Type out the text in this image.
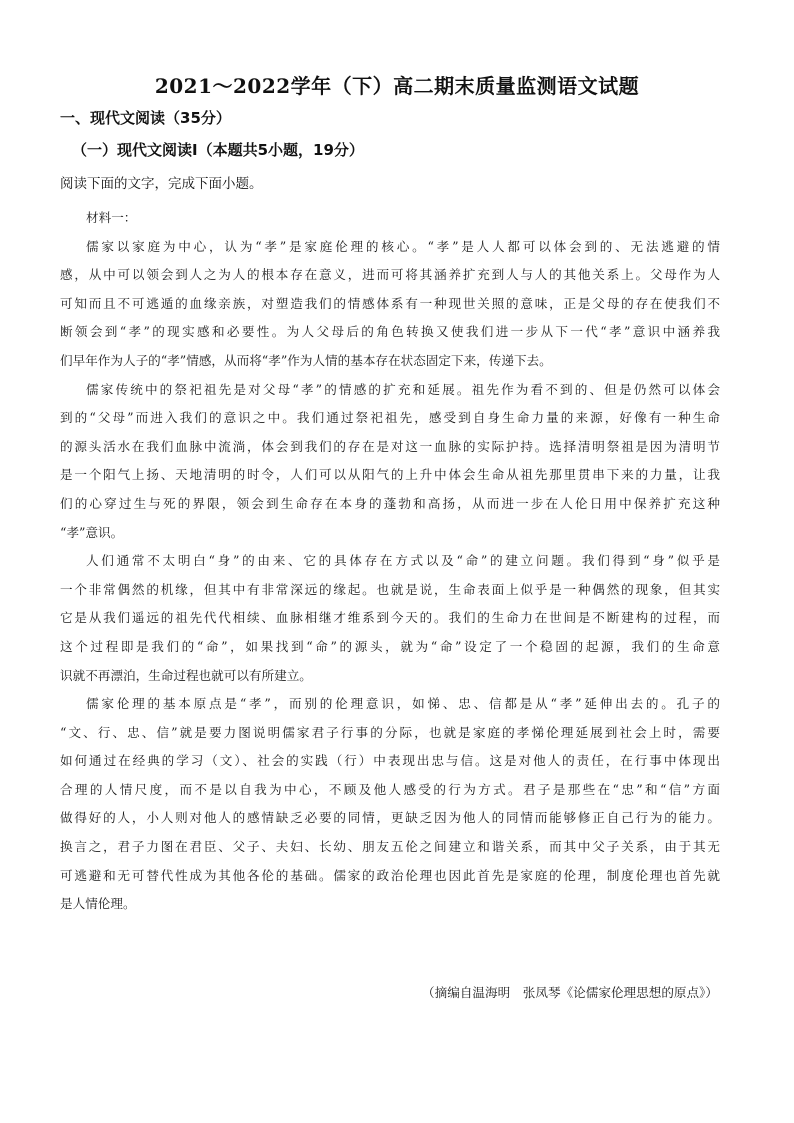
2021～2022学年（下）高二期末质量监测语文试题
一、现代文阅读（35分）
（一）现代文阅读Ⅰ（本题共5小题，19分）
阅读下面的文字，完成下面小题。
材料一：
儒家以家庭为中心，认为“孝”是家庭伦理的核心。“孝”是人人都可以体会到的、无法逃避的情
感，从中可以领会到人之为人的根本存在意义，进而可将其涵养扩充到人与人的其他关系上。父母作为人
可知而且不可逃遁的血缘亲族，对塑造我们的情感体系有一种现世关照的意味，正是父母的存在使我们不
断领会到“孝”的现实感和必要性。为人父母后的角色转换又使我们进一步从下一代“孝”意识中涵养我
们早年作为人子的“孝”情感，从而将“孝”作为人情的基本存在状态固定下来，传递下去。
儒家传统中的祭祀祖先是对父母“孝”的情感的扩充和延展。祖先作为看不到的、但是仍然可以体会
到的“父母”而进入我们的意识之中。我们通过祭祀祖先，感受到自身生命力量的来源，好像有一种生命
的源头活水在我们血脉中流淌，体会到我们的存在是对这一血脉的实际护持。选择清明祭祖是因为清明节
是一个阳气上扬、天地清明的时令，人们可以从阳气的上升中体会生命从祖先那里贯串下来的力量，让我
们的心穿过生与死的界限，领会到生命存在本身的蓬勃和高扬，从而进一步在人伦日用中保养扩充这种
“孝”意识。
人们通常不太明白“身”的由来、它的具体存在方式以及“命”的建立问题。我们得到“身”似乎是
一个非常偶然的机缘，但其中有非常深远的缘起。也就是说，生命表面上似乎是一种偶然的现象，但其实
它是从我们遥远的祖先代代相续、血脉相继才维系到今天的。我们的生命力在世间是不断建构的过程，而
这个过程即是我们的“命”，如果找到“命”的源头，就为“命”设定了一个稳固的起源，我们的生命意
识就不再漂泊，生命过程也就可以有所建立。
儒家伦理的基本原点是“孝”，而别的伦理意识，如悌、忠、信都是从“孝”延伸出去的。孔子的
“文、行、忠、信”就是要力图说明儒家君子行事的分际，也就是家庭的孝悌伦理延展到社会上时，需要
如何通过在经典的学习（文）、社会的实践（行）中表现出忠与信。这是对他人的责任，在行事中体现出
合理的人情尺度，而不是以自我为中心，不顾及他人感受的行为方式。君子是那些在“忠”和“信”方面
做得好的人，小人则对他人的感情缺乏必要的同情，更缺乏因为他人的同情而能够修正自己行为的能力。
换言之，君子力图在君臣、父子、夫妇、长幼、朋友五伦之间建立和谐关系，而其中父子关系，由于其无
可逃避和无可替代性成为其他各伦的基础。儒家的政治伦理也因此首先是家庭的伦理，制度伦理也首先就
是人情伦理。
（摘编自温海明　张凤琴《论儒家伦理思想的原点》）
